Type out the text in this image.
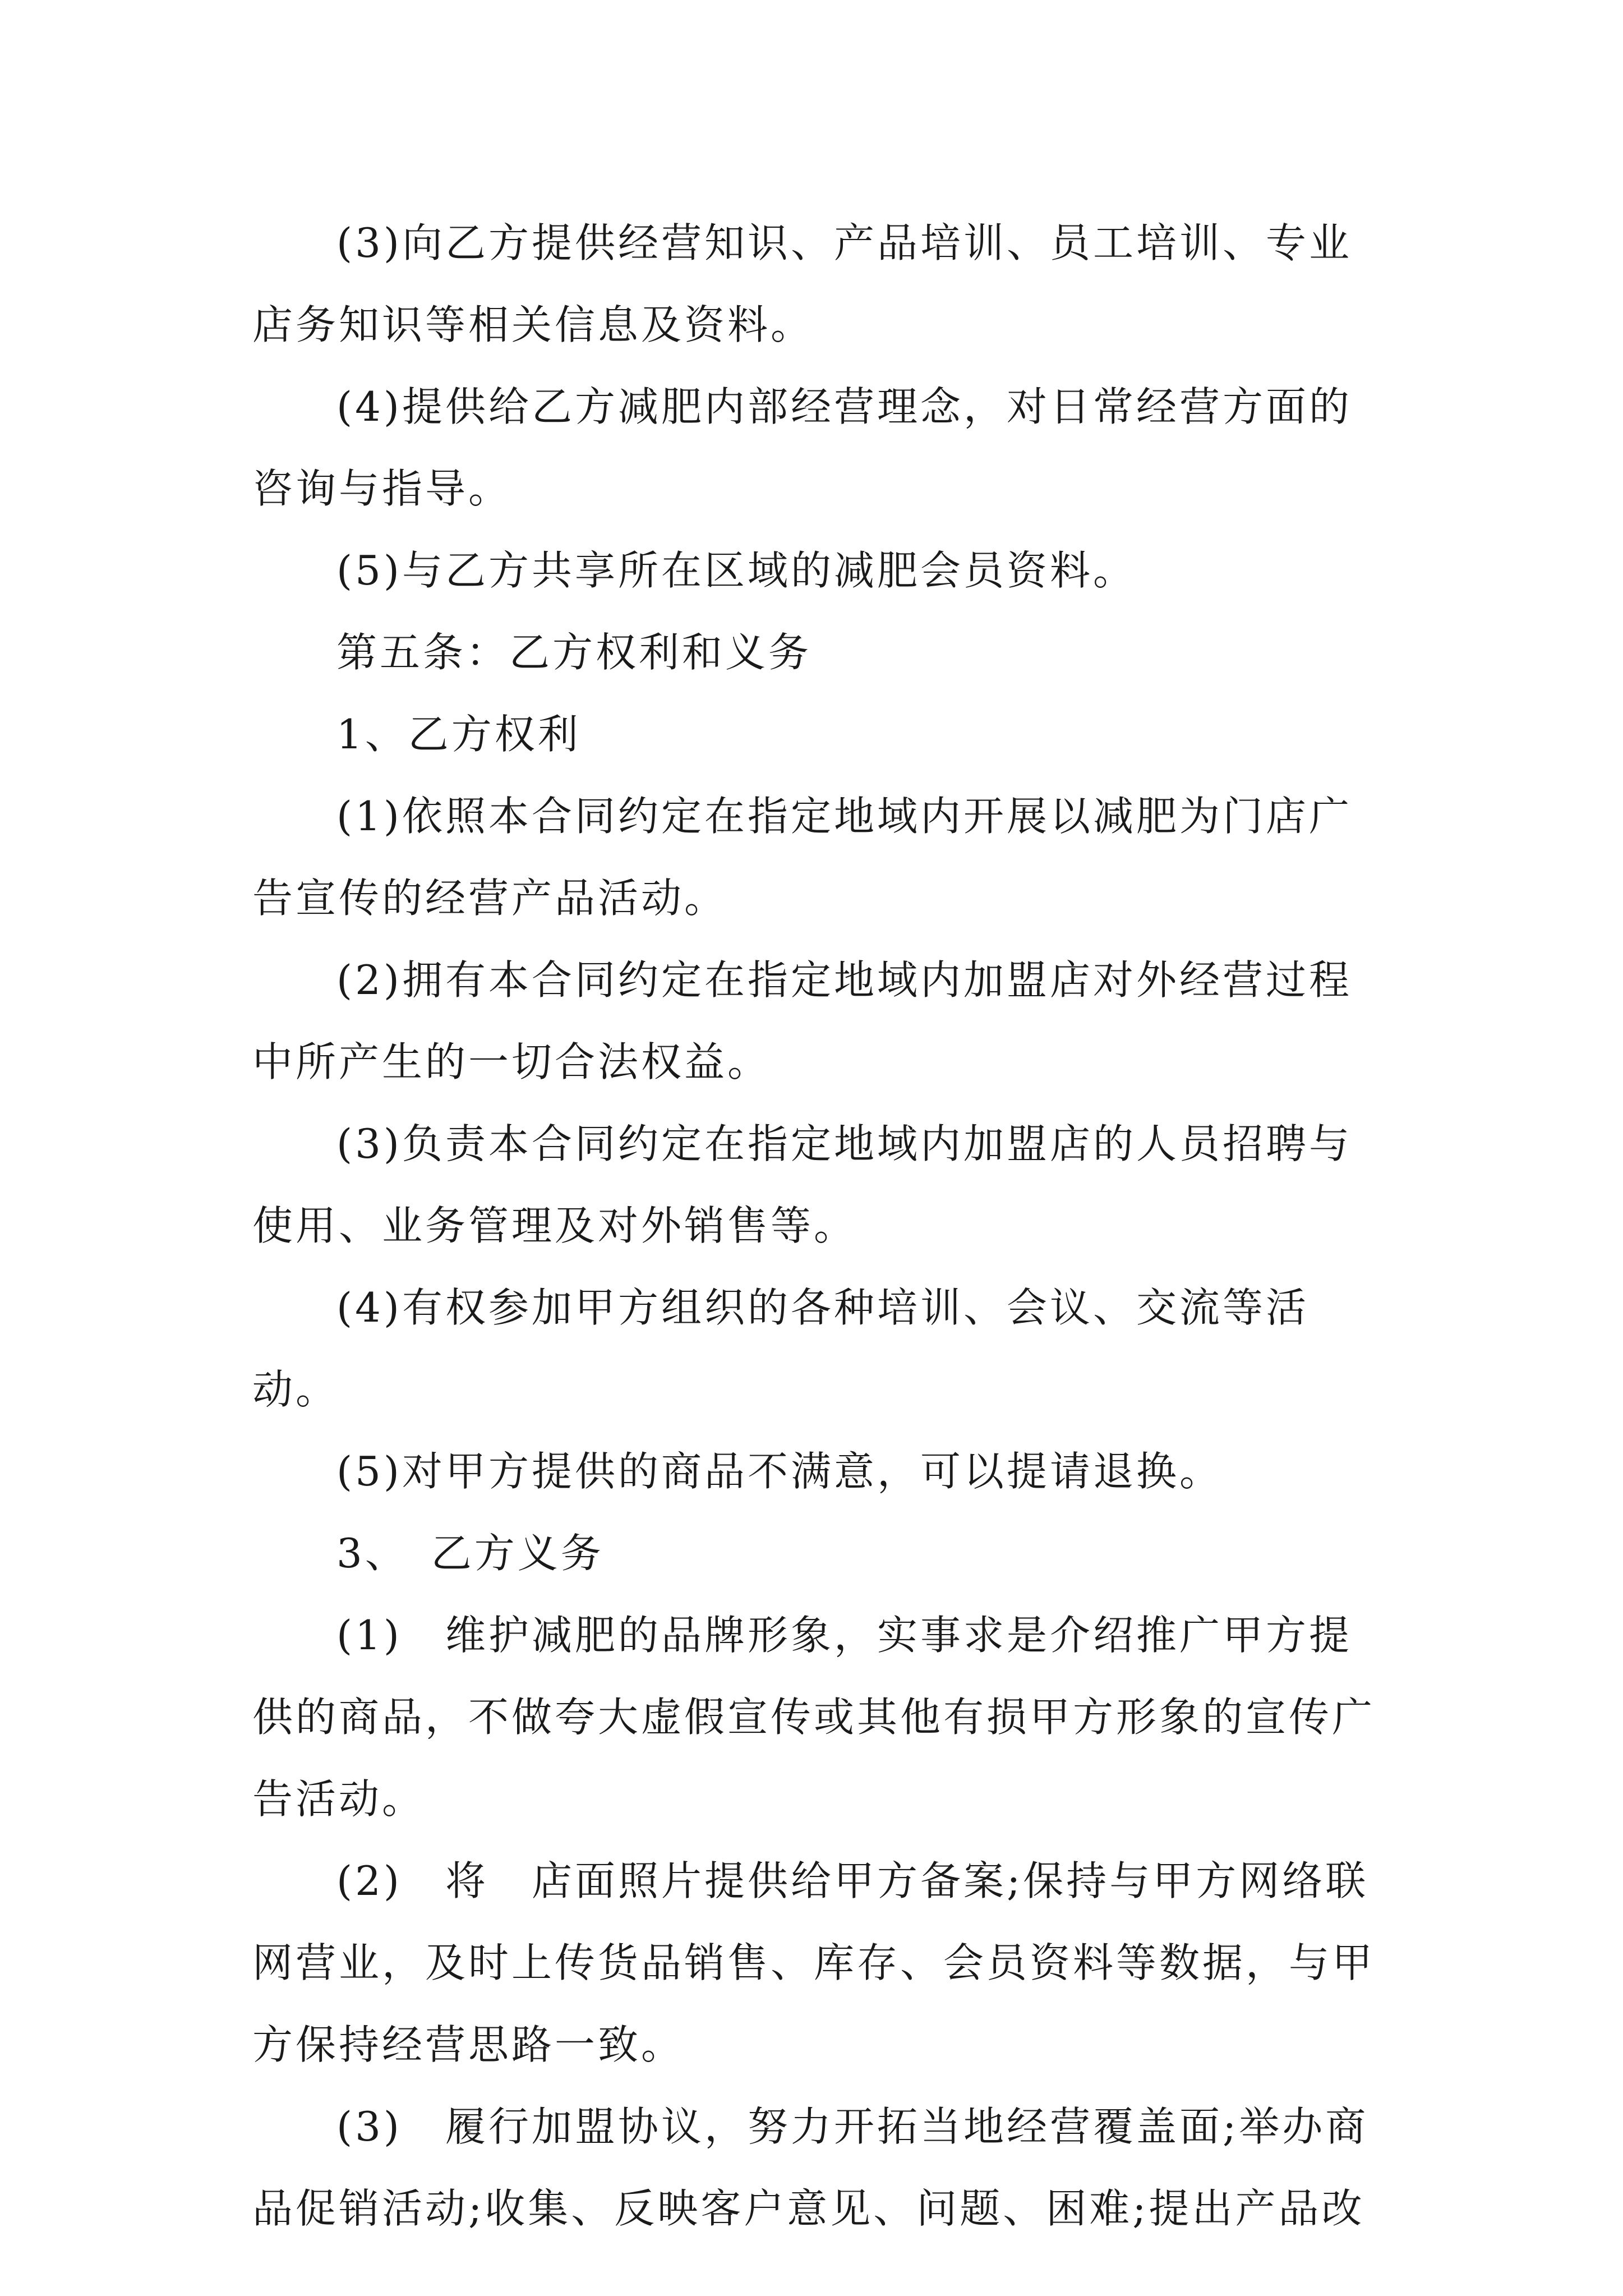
(3)向乙方提供经营知识、产品培训、员工培训、专业店务知识等相关信息及资料。

(4)提供给乙方减肥内部经营理念，对日常经营方面的咨询与指导。

(5)与乙方共享所在区域的减肥会员资料。

第五条：乙方权利和义务

1、乙方权利

(1)依照本合同约定在指定地域内开展以减肥为门店广告宣传的经营产品活动。

(2)拥有本合同约定在指定地域内加盟店对外经营过程中所产生的一切合法权益。

(3)负责本合同约定在指定地域内加盟店的人员招聘与使用、业务管理及对外销售等。

(4)有权参加甲方组织的各种培训、会议、交流等活动。

(5)对甲方提供的商品不满意，可以提请退换。

3、　乙方义务

(1)　维护减肥的品牌形象，实事求是介绍推广甲方提供的商品，不做夸大虚假宣传或其他有损甲方形象的宣传广告活动。

(2)　将　店面照片提供给甲方备案;保持与甲方网络联网营业，及时上传货品销售、库存、会员资料等数据，与甲方保持经营思路一致。

(3)　履行加盟协议，努力开拓当地经营覆盖面;举办商品促销活动;收集、反映客户意见、问题、困难;提出产品改
